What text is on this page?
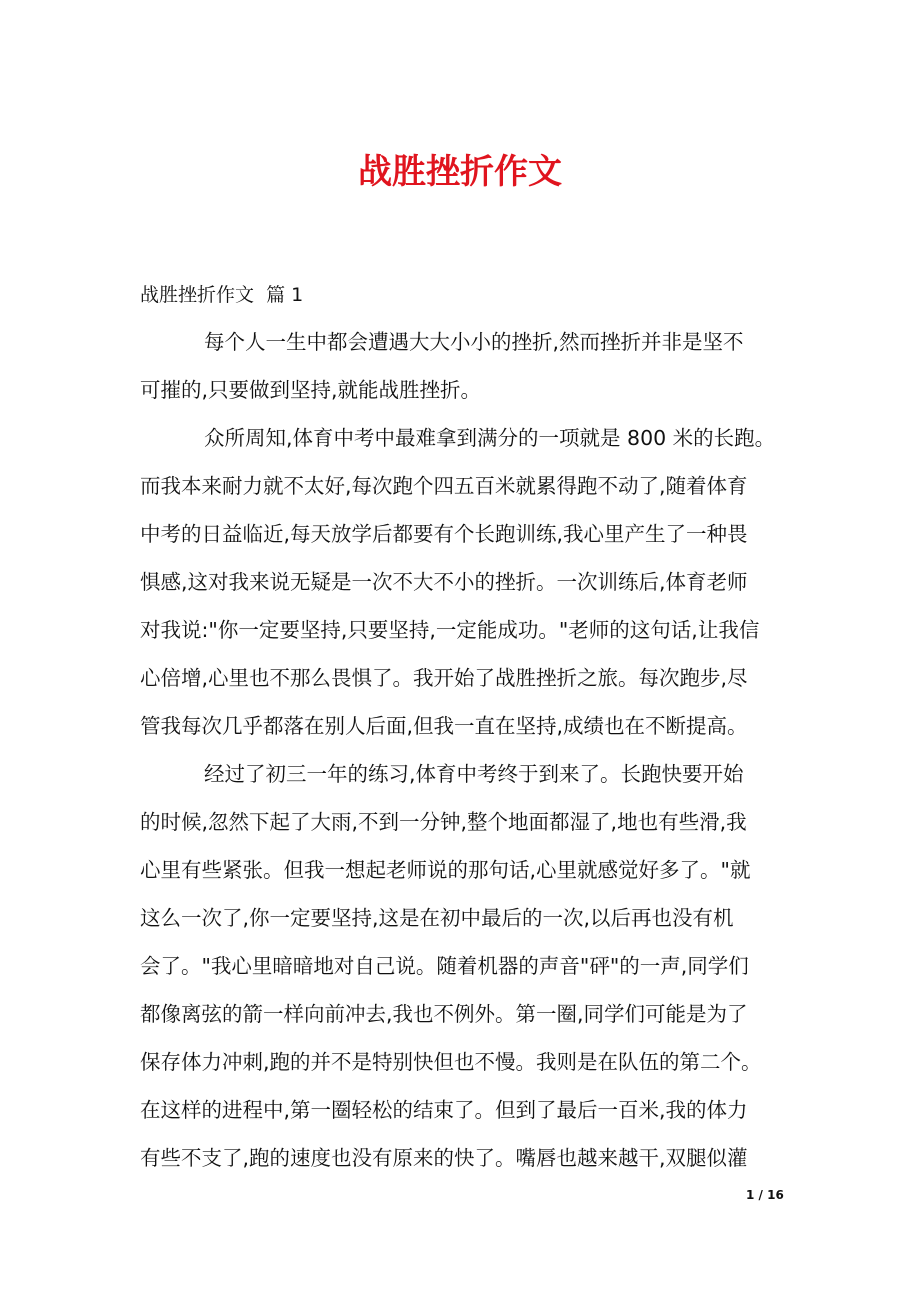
战胜挫折作文
战胜挫折作文  篇 1
每个人一生中都会遭遇大大小小的挫折,然而挫折并非是坚不
可摧的,只要做到坚持,就能战胜挫折。
众所周知,体育中考中最难拿到满分的一项就是 800 米的长跑。
而我本来耐力就不太好,每次跑个四五百米就累得跑不动了,随着体育
中考的日益临近,每天放学后都要有个长跑训练,我心里产生了一种畏
惧感,这对我来说无疑是一次不大不小的挫折。一次训练后,体育老师
对我说:"你一定要坚持,只要坚持,一定能成功。"老师的这句话,让我信
心倍增,心里也不那么畏惧了。我开始了战胜挫折之旅。每次跑步,尽
管我每次几乎都落在别人后面,但我一直在坚持,成绩也在不断提高。
经过了初三一年的练习,体育中考终于到来了。长跑快要开始
的时候,忽然下起了大雨,不到一分钟,整个地面都湿了,地也有些滑,我
心里有些紧张。但我一想起老师说的那句话,心里就感觉好多了。"就
这么一次了,你一定要坚持,这是在初中最后的一次,以后再也没有机
会了。"我心里暗暗地对自己说。随着机器的声音"砰"的一声,同学们
都像离弦的箭一样向前冲去,我也不例外。第一圈,同学们可能是为了
保存体力冲刺,跑的并不是特别快但也不慢。我则是在队伍的第二个。
在这样的进程中,第一圈轻松的结束了。但到了最后一百米,我的体力
有些不支了,跑的速度也没有原来的快了。嘴唇也越来越干,双腿似灌
1 / 16
